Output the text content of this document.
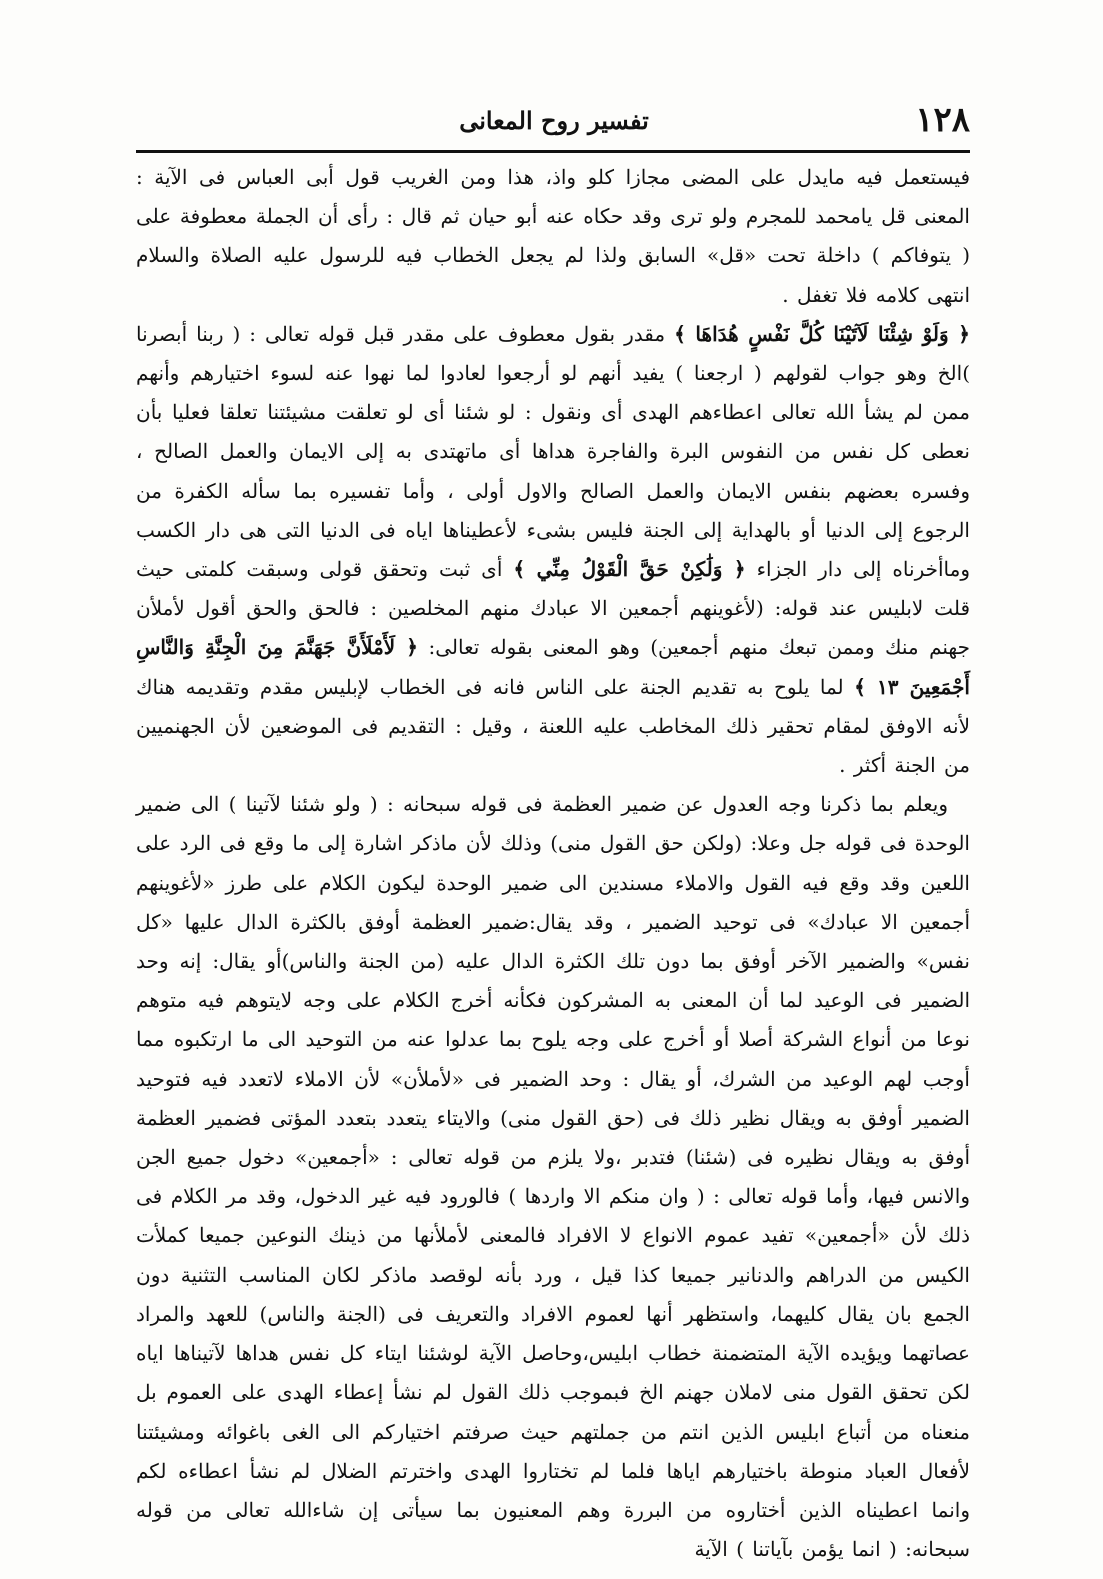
١٢٨
تفسير روح المعانى

فيستعمل فيه مايدل على المضى مجازا كلو واذ، هذا ومن الغريب قول أبى العباس فى الآية : المعنى قل يامحمد للمجرم ولو ترى وقد حكاه عنه أبو حيان ثم قال : رأى أن الجملة معطوفة على ( يتوفاكم ) داخلة تحت «قل» السابق ولذا لم يجعل الخطاب فيه للرسول عليه الصلاة والسلام انتهى كلامه فلا تغفل .

﴿ وَلَوْ شِئْنَا لَآتَيْنَا كُلَّ نَفْسٍ هُدَاهَا ﴾ مقدر بقول معطوف على مقدر قبل قوله تعالى : ( ربنا أبصرنا )الخ وهو جواب لقولهم ( ارجعنا ) يفيد أنهم لو أرجعوا لعادوا لما نهوا عنه لسوء اختيارهم وأنهم ممن لم يشأ الله تعالى اعطاءهم الهدى أى ونقول : لو شئنا أى لو تعلقت مشيئتنا تعلقا فعليا بأن نعطى كل نفس من النفوس البرة والفاجرة هداها أى ماتهتدى به إلى الايمان والعمل الصالح ، وفسره بعضهم بنفس الايمان والعمل الصالح والاول أولى ، وأما تفسيره بما سأله الكفرة من الرجوع إلى الدنيا أو بالهداية إلى الجنة فليس بشىء لأعطيناها اياه فى الدنيا التى هى دار الكسب وماأخرناه إلى دار الجزاء ﴿ وَلَٰكِنْ حَقَّ الْقَوْلُ مِنِّي ﴾ أى ثبت وتحقق قولى وسبقت كلمتى حيث قلت لابليس عند قوله: (لأغوينهم أجمعين الا عبادك منهم المخلصين : فالحق والحق أقول لأملأن جهنم منك وممن تبعك منهم أجمعين) وهو المعنى بقوله تعالى: ﴿ لَأَمْلَأَنَّ جَهَنَّمَ مِنَ الْجِنَّةِ وَالنَّاسِ أَجْمَعِينَ ١٣ ﴾ لما يلوح به تقديم الجنة على الناس فانه فى الخطاب لإبليس مقدم وتقديمه هناك لأنه الاوفق لمقام تحقير ذلك المخاطب عليه اللعنة ، وقيل : التقديم فى الموضعين لأن الجهنميين من الجنة أكثر .

ويعلم بما ذكرنا وجه العدول عن ضمير العظمة فى قوله سبحانه : ( ولو شئنا لآتينا ) الى ضمير الوحدة فى قوله جل وعلا: (ولكن حق القول منى) وذلك لأن ماذكر اشارة إلى ما وقع فى الرد على اللعين وقد وقع فيه القول والاملاء مسندين الى ضمير الوحدة ليكون الكلام على طرز «لأغوينهم أجمعين الا عبادك» فى توحيد الضمير ، وقد يقال:ضمير العظمة أوفق بالكثرة الدال عليها «كل نفس» والضمير الآخر أوفق بما دون تلك الكثرة الدال عليه (من الجنة والناس)أو يقال: إنه وحد الضمير فى الوعيد لما أن المعنى به المشركون فكأنه أخرج الكلام على وجه لايتوهم فيه متوهم نوعا من أنواع الشركة أصلا أو أخرج على وجه يلوح بما عدلوا عنه من التوحيد الى ما ارتكبوه مما أوجب لهم الوعيد من الشرك، أو يقال : وحد الضمير فى «لأملأن» لأن الاملاء لاتعدد فيه فتوحيد الضمير أوفق به ويقال نظير ذلك فى (حق القول منى) والايتاء يتعدد بتعدد المؤتى فضمير العظمة أوفق به ويقال نظيره فى (شئنا) فتدبر ،ولا يلزم من قوله تعالى : «أجمعين» دخول جميع الجن والانس فيها، وأما قوله تعالى : ( وان منكم الا واردها ) فالورود فيه غير الدخول، وقد مر الكلام فى ذلك لأن «أجمعين» تفيد عموم الانواع لا الافراد فالمعنى لأملأنها من ذينك النوعين جميعا كملأت الكيس من الدراهم والدنانير جميعا كذا قيل ، ورد بأنه لوقصد ماذكر لكان المناسب التثنية دون الجمع بان يقال كليهما، واستظهر أنها لعموم الافراد والتعريف فى (الجنة والناس) للعهد والمراد عصاتهما ويؤيده الآية المتضمنة خطاب ابليس،وحاصل الآية لوشئنا ايتاء كل نفس هداها لآتيناها اياه لكن تحقق القول منى لاملان جهنم الخ فبموجب ذلك القول لم نشأ إعطاء الهدى على العموم بل منعناه من أتباع ابليس الذين انتم من جملتهم حيث صرفتم اختياركم الى الغى باغوائه ومشيئتنا لأفعال العباد منوطة باختيارهم اياها فلما لم تختاروا الهدى واخترتم الضلال لم نشأ اعطاءه لكم وانما اعطيناه الذين أختاروه من البررة وهم المعنيون بما سيأتى إن شاءالله تعالى من قوله سبحانه: ( انما يؤمن بآياتنا ) الآية
